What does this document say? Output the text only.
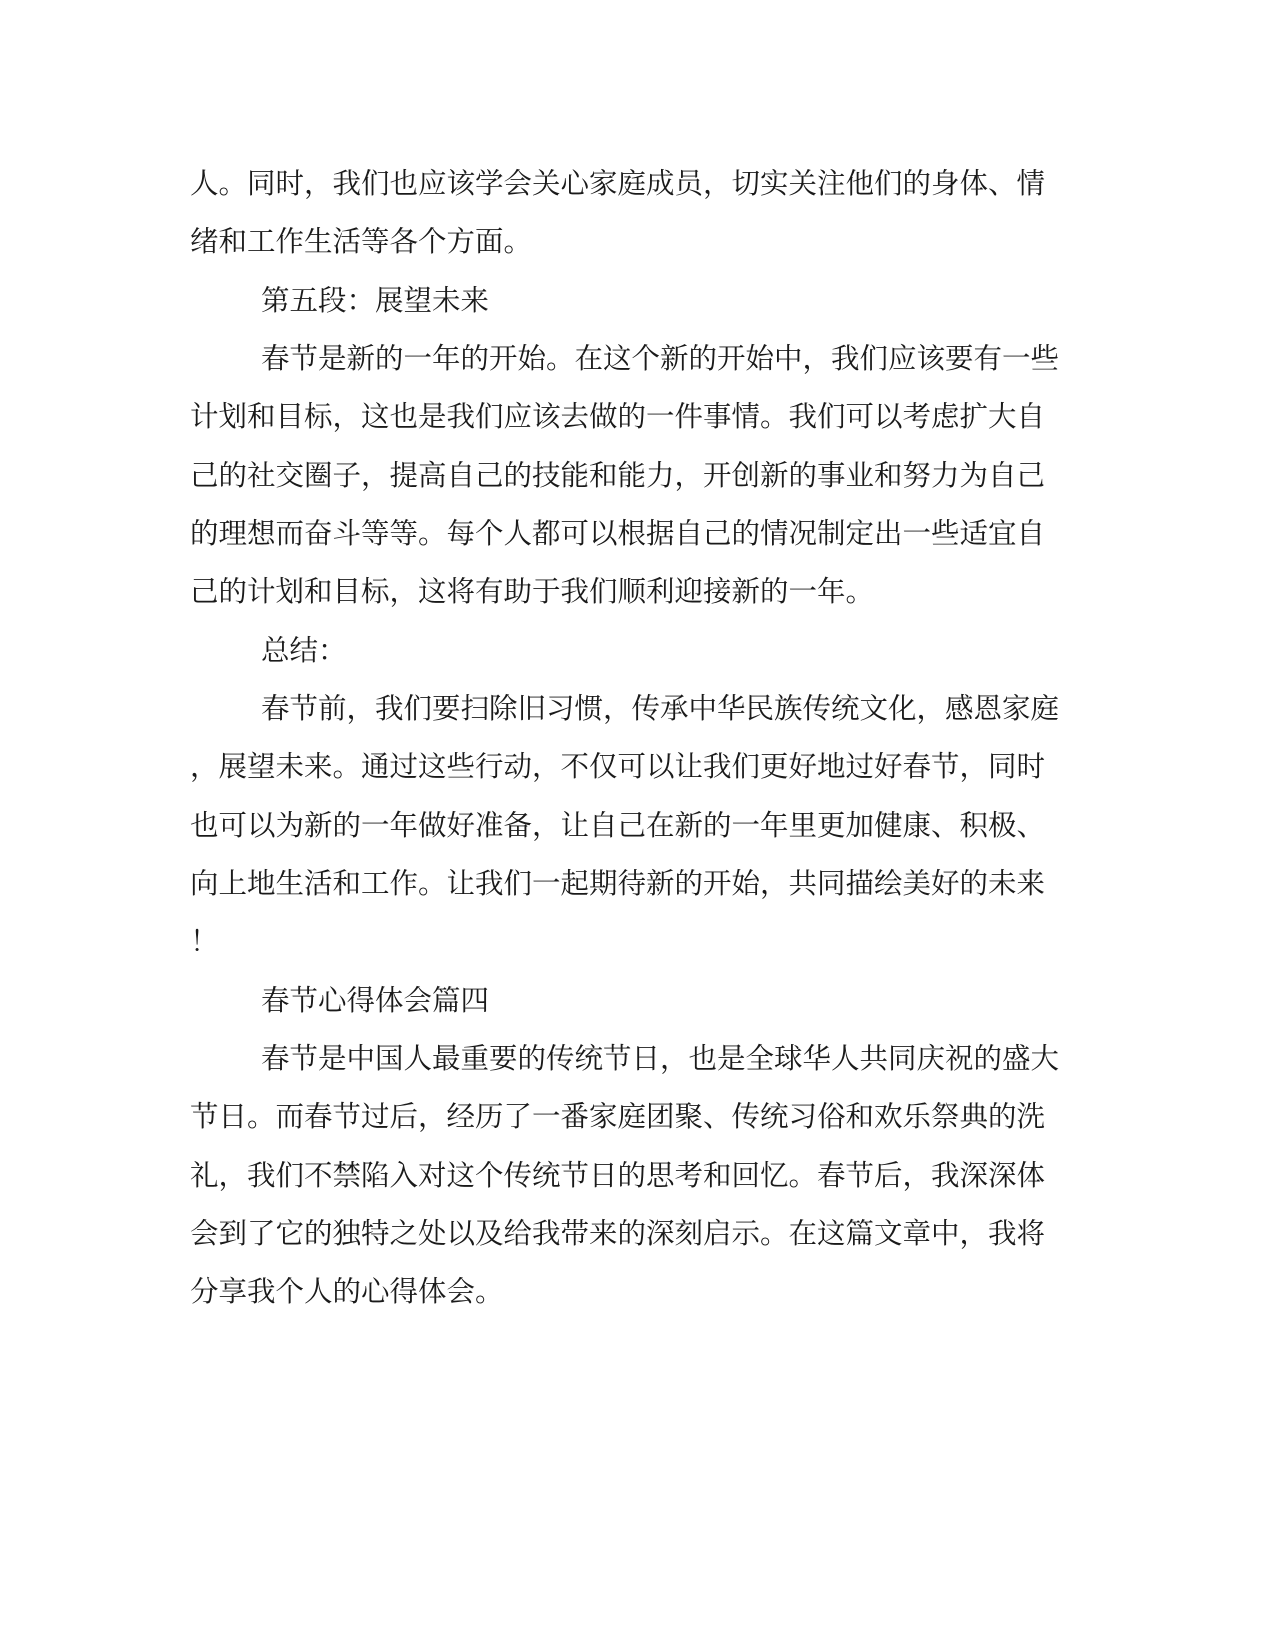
人。同时，我们也应该学会关心家庭成员，切实关注他们的身体、情

绪和工作生活等各个方面。

第五段：展望未来

春节是新的一年的开始。在这个新的开始中，我们应该要有一些

计划和目标，这也是我们应该去做的一件事情。我们可以考虑扩大自

己的社交圈子，提高自己的技能和能力，开创新的事业和努力为自己

的理想而奋斗等等。每个人都可以根据自己的情况制定出一些适宜自

己的计划和目标，这将有助于我们顺利迎接新的一年。

总结：

春节前，我们要扫除旧习惯，传承中华民族传统文化，感恩家庭

，展望未来。通过这些行动，不仅可以让我们更好地过好春节，同时

也可以为新的一年做好准备，让自己在新的一年里更加健康、积极、

向上地生活和工作。让我们一起期待新的开始，共同描绘美好的未来

！

春节心得体会篇四

春节是中国人最重要的传统节日，也是全球华人共同庆祝的盛大

节日。而春节过后，经历了一番家庭团聚、传统习俗和欢乐祭典的洗

礼，我们不禁陷入对这个传统节日的思考和回忆。春节后，我深深体

会到了它的独特之处以及给我带来的深刻启示。在这篇文章中，我将

分享我个人的心得体会。
